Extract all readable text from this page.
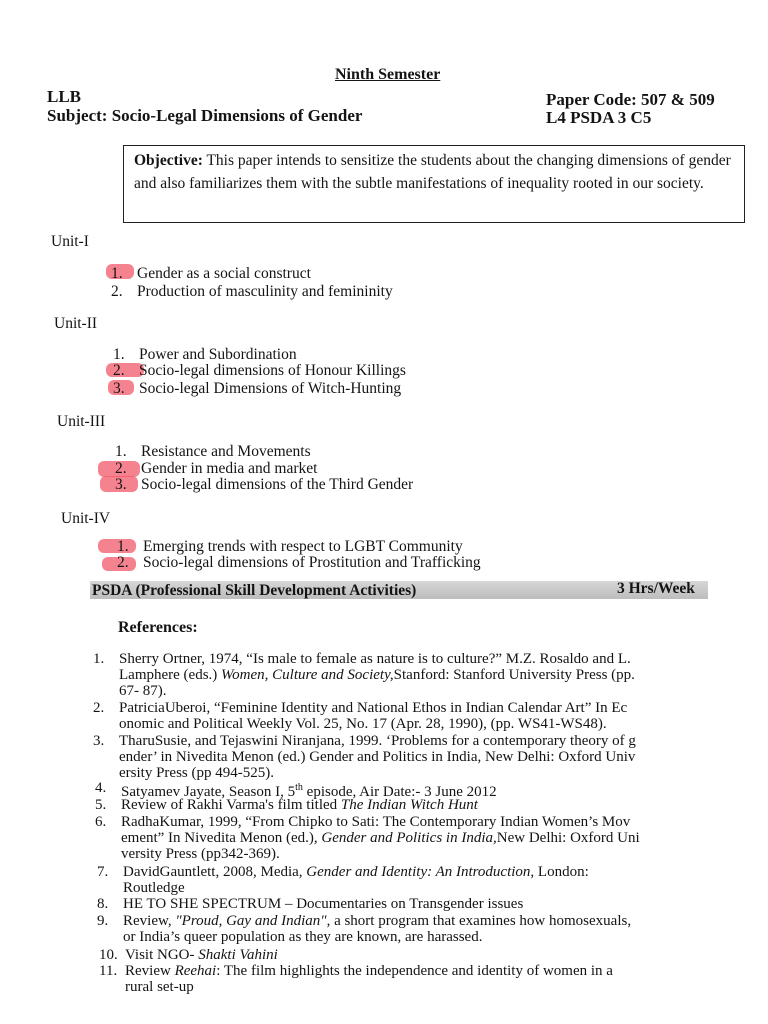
Ninth Semester
LLB
Subject: Socio-Legal Dimensions of Gender
Paper Code: 507 & 509
L4 PSDA 3 C5
Objective: This paper intends to sensitize the students about the changing dimensions of gender and also familiarizes them with the subtle manifestations of inequality rooted in our society.
Unit-I
1. Gender as a social construct
2. Production of masculinity and femininity
Unit-II
1. Power and Subordination
2. Socio-legal dimensions of Honour Killings
3. Socio-legal Dimensions of Witch-Hunting
Unit-III
1. Resistance and Movements
2. Gender in media and market
3. Socio-legal dimensions of the Third Gender
Unit-IV
1. Emerging trends with respect to LGBT Community
2. Socio-legal dimensions of Prostitution and Trafficking
PSDA (Professional Skill Development Activities)	3 Hrs/Week
References:
1. Sherry Ortner, 1974, “Is male to female as nature is to culture?” M.Z. Rosaldo and L.
Lamphere (eds.) Women, Culture and Society,Stanford: Stanford University Press (pp.
67- 87).
2. PatriciaUberoi, “Feminine Identity and National Ethos in Indian Calendar Art” In Ec
onomic and Political Weekly Vol. 25, No. 17 (Apr. 28, 1990), (pp. WS41-WS48).
3. TharuSusie, and Tejaswini Niranjana, 1999. ‘Problems for a contemporary theory of g
ender’ in Nivedita Menon (ed.) Gender and Politics in India, New Delhi: Oxford Univ
ersity Press (pp 494-525).
4. Satyamev Jayate, Season I, 5th episode, Air Date:- 3 June 2012
5. Review of Rakhi Varma's film titled The Indian Witch Hunt
6. RadhaKumar, 1999, “From Chipko to Sati: The Contemporary Indian Women’s Mov
ement” In Nivedita Menon (ed.), Gender and Politics in India,New Delhi: Oxford Uni
versity Press (pp342-369).
7. DavidGauntlett, 2008, Media, Gender and Identity: An Introduction, London:
Routledge
8. HE TO SHE SPECTRUM – Documentaries on Transgender issues
9. Review, "Proud, Gay and Indian", a short program that examines how homosexuals,
or India’s queer population as they are known, are harassed.
10. Visit NGO- Shakti Vahini
11. Review Reehai: The film highlights the independence and identity of women in a
rural set-up
